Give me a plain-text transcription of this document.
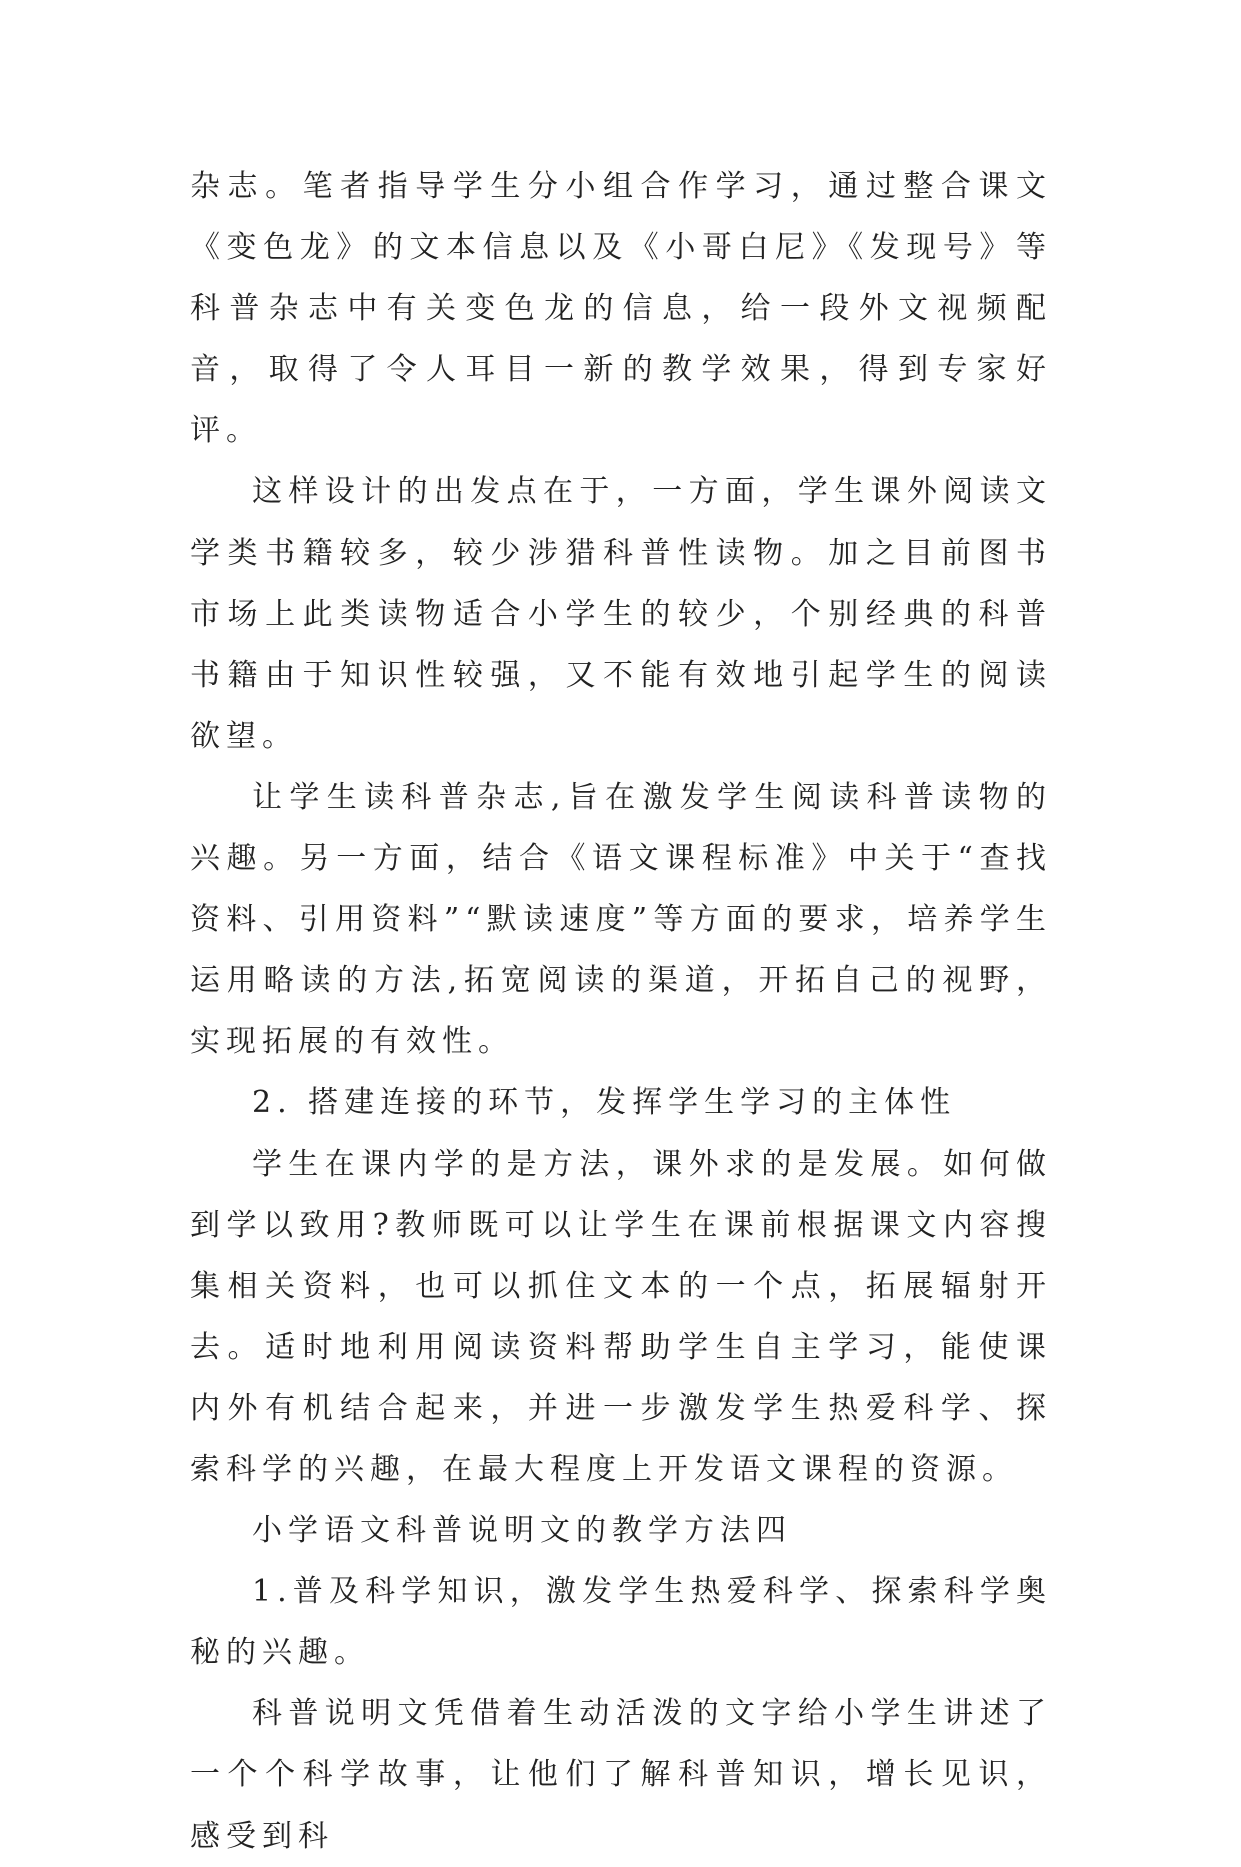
杂志。笔者指导学生分小组合作学习，通过整合课文《变色龙》的文本信息以及《小哥白尼》《发现号》等科普杂志中有关变色龙的信息，给一段外文视频配音，取得了令人耳目一新的教学效果，得到专家好评。

这样设计的出发点在于，一方面，学生课外阅读文学类书籍较多，较少涉猎科普性读物。加之目前图书市场上此类读物适合小学生的较少，个别经典的科普书籍由于知识性较强，又不能有效地引起学生的阅读欲望。

让学生读科普杂志,旨在激发学生阅读科普读物的兴趣。另一方面，结合《语文课程标准》中关于“查找资料、引用资料”“默读速度”等方面的要求，培养学生运用略读的方法,拓宽阅读的渠道，开拓自己的视野，实现拓展的有效性。

2. 搭建连接的环节，发挥学生学习的主体性

学生在课内学的是方法，课外求的是发展。如何做到学以致用?教师既可以让学生在课前根据课文内容搜集相关资料，也可以抓住文本的一个点，拓展辐射开去。适时地利用阅读资料帮助学生自主学习，能使课内外有机结合起来，并进一步激发学生热爱科学、探索科学的兴趣，在最大程度上开发语文课程的资源。

小学语文科普说明文的教学方法四

1.普及科学知识，激发学生热爱科学、探索科学奥秘的兴趣。

科普说明文凭借着生动活泼的文字给小学生讲述了一个个科学故事，让他们了解科普知识，增长见识，感受到科
